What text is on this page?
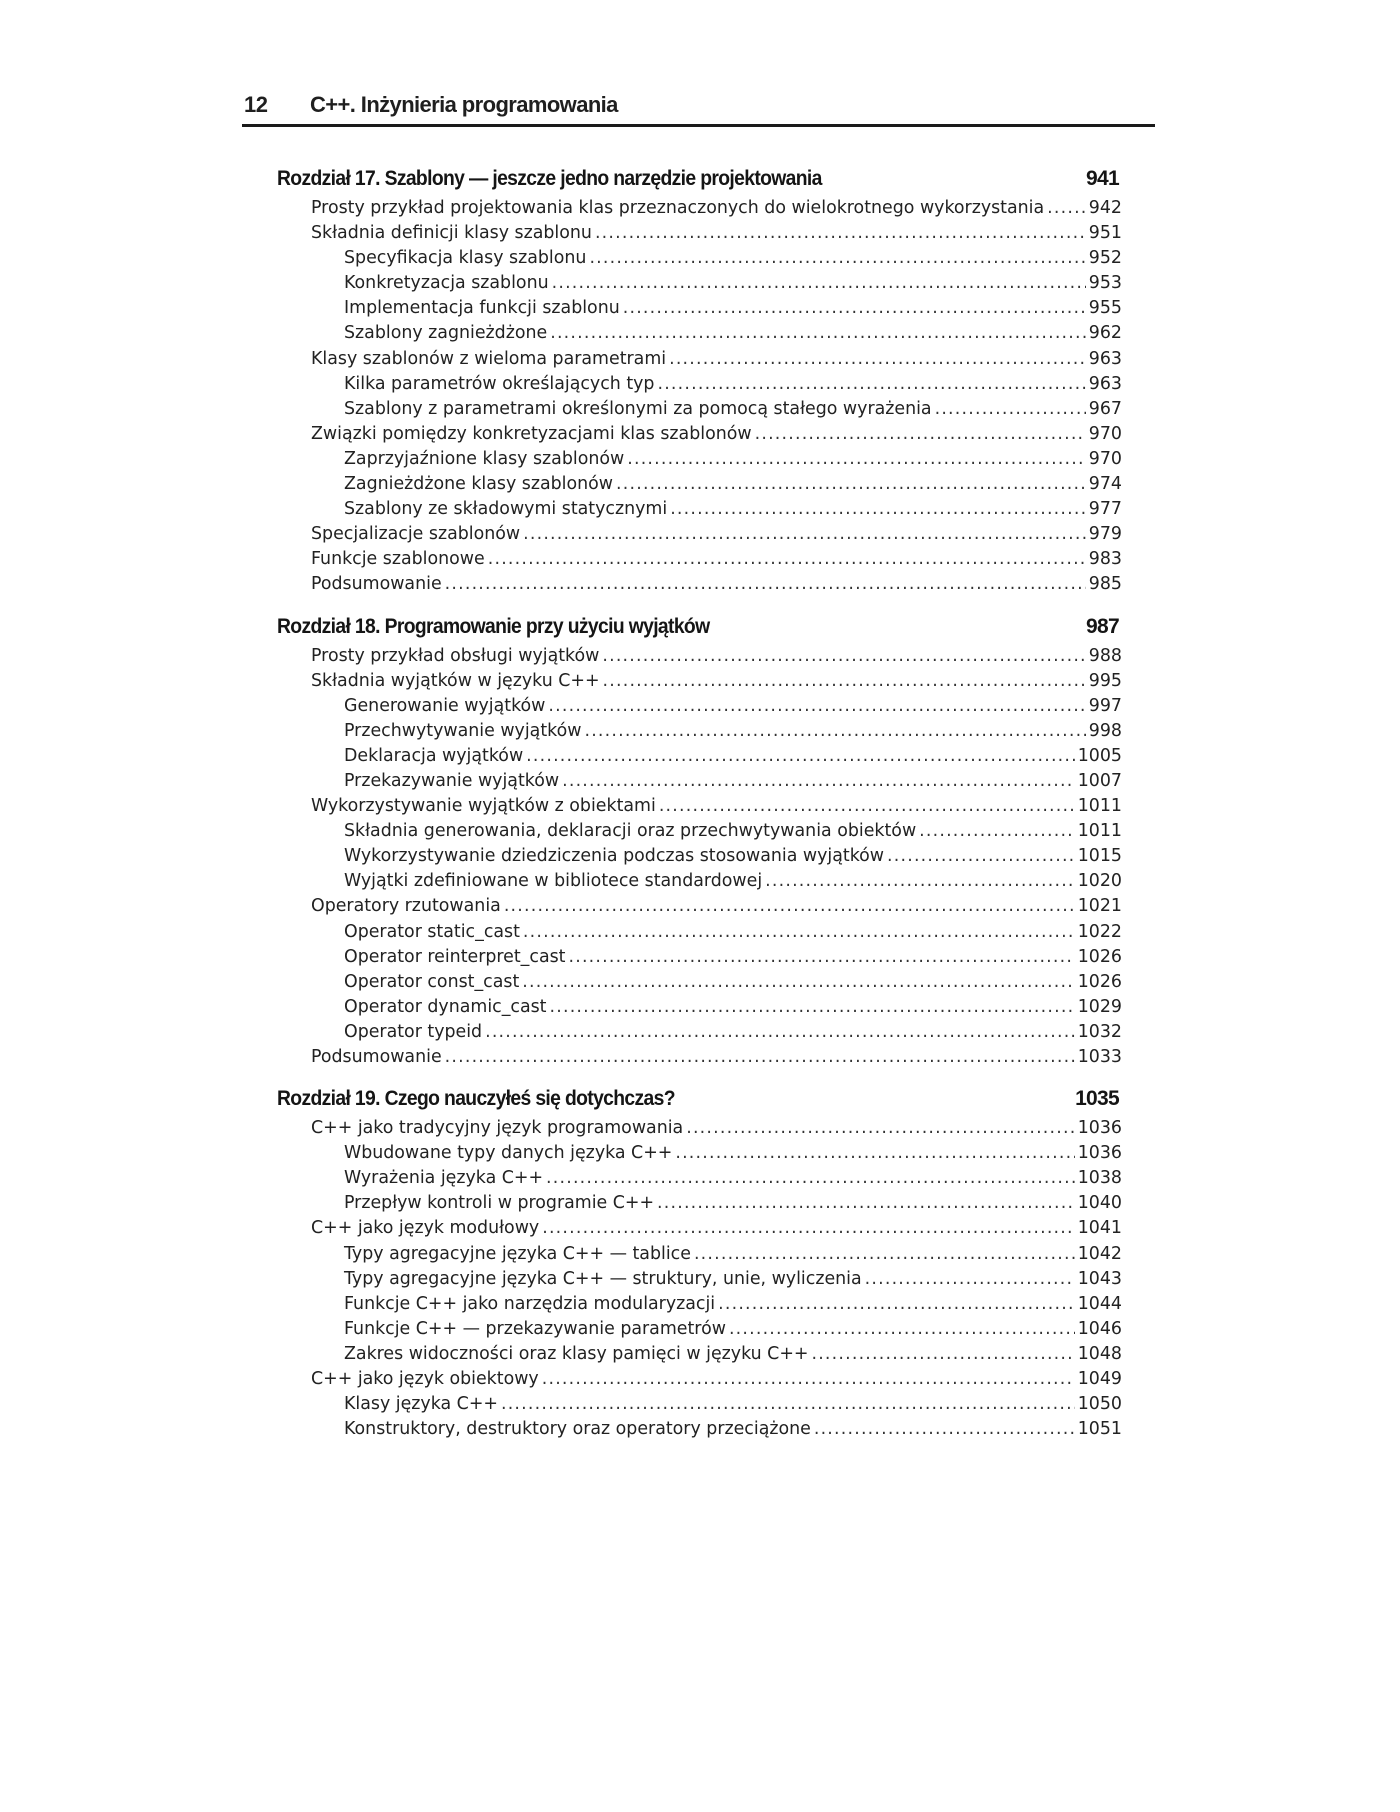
12 C++. Inżynieria programowania
Rozdział 17. Szablony — jeszcze jedno narzędzie projektowania	941
Prosty przykład projektowania klas przeznaczonych do wielokrotnego wykorzystania .....	942
Składnia definicji klasy szablonu .....	951
Specyfikacja klasy szablonu .....	952
Konkretyzacja szablonu .....	953
Implementacja funkcji szablonu .....	955
Szablony zagnieżdżone .....	962
Klasy szablonów z wieloma parametrami .....	963
Kilka parametrów określających typ .....	963
Szablony z parametrami określonymi za pomocą stałego wyrażenia .....	967
Związki pomiędzy konkretyzacjami klas szablonów .....	970
Zaprzyjaźnione klasy szablonów .....	970
Zagnieżdżone klasy szablonów .....	974
Szablony ze składowymi statycznymi .....	977
Specjalizacje szablonów .....	979
Funkcje szablonowe .....	983
Podsumowanie .....	985
Rozdział 18. Programowanie przy użyciu wyjątków	987
Prosty przykład obsługi wyjątków .....	988
Składnia wyjątków w języku C++ .....	995
Generowanie wyjątków .....	997
Przechwytywanie wyjątków .....	998
Deklaracja wyjątków .....	1005
Przekazywanie wyjątków .....	1007
Wykorzystywanie wyjątków z obiektami .....	1011
Składnia generowania, deklaracji oraz przechwytywania obiektów .....	1011
Wykorzystywanie dziedziczenia podczas stosowania wyjątków .....	1015
Wyjątki zdefiniowane w bibliotece standardowej .....	1020
Operatory rzutowania .....	1021
Operator static_cast .....	1022
Operator reinterpret_cast .....	1026
Operator const_cast .....	1026
Operator dynamic_cast .....	1029
Operator typeid .....	1032
Podsumowanie .....	1033
Rozdział 19. Czego nauczyłeś się dotychczas?	1035
C++ jako tradycyjny język programowania .....	1036
Wbudowane typy danych języka C++ .....	1036
Wyrażenia języka C++ .....	1038
Przepływ kontroli w programie C++ .....	1040
C++ jako język modułowy .....	1041
Typy agregacyjne języka C++ — tablice .....	1042
Typy agregacyjne języka C++ — struktury, unie, wyliczenia .....	1043
Funkcje C++ jako narzędzia modularyzacji .....	1044
Funkcje C++ — przekazywanie parametrów .....	1046
Zakres widoczności oraz klasy pamięci w języku C++ .....	1048
C++ jako język obiektowy .....	1049
Klasy języka C++ .....	1050
Konstruktory, destruktory oraz operatory przeciążone .....	1051
